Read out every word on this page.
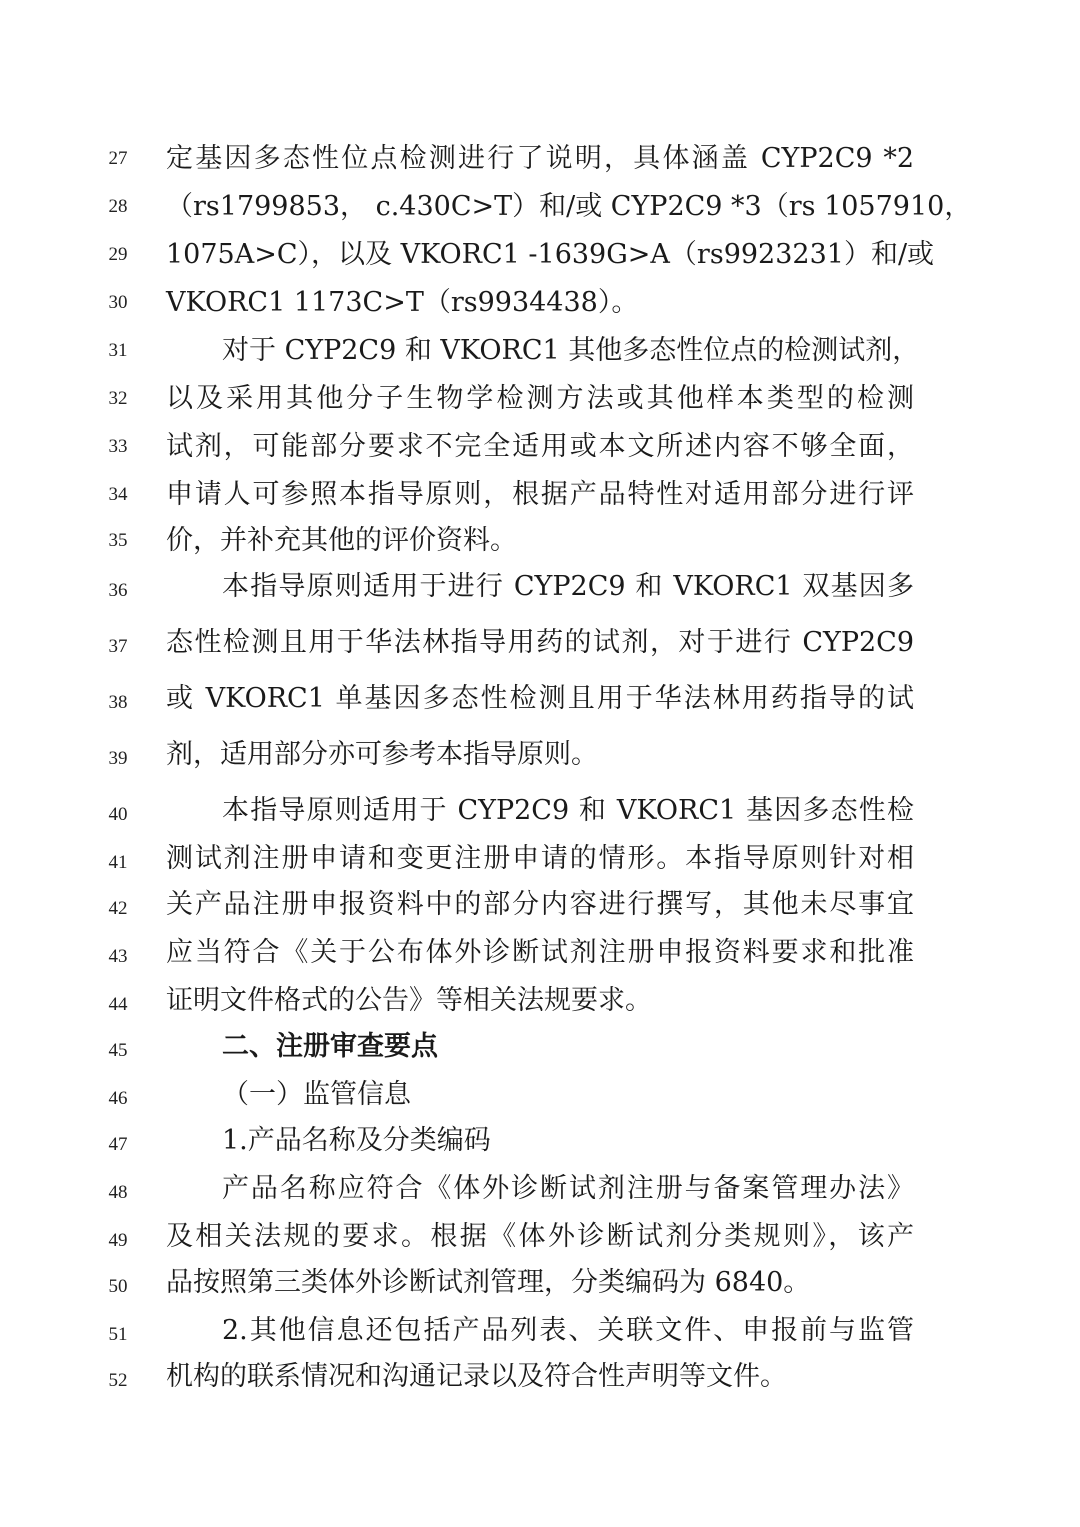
27	定基因多态性位点检测进行了说明，具体涵盖 CYP2C9 *2
28	（rs1799853， c.430C>T）和/或 CYP2C9 *3（rs 1057910，
29	1075A>C），以及 VKORC1 -1639G>A（rs9923231）和/或
30	VKORC1 1173C>T（rs9934438）。
31	对于 CYP2C9 和 VKORC1 其他多态性位点的检测试剂，
32	以及采用其他分子生物学检测方法或其他样本类型的检测
33	试剂，可能部分要求不完全适用或本文所述内容不够全面，
34	申请人可参照本指导原则，根据产品特性对适用部分进行评
35	价，并补充其他的评价资料。
36	本指导原则适用于进行 CYP2C9 和 VKORC1 双基因多
37	态性检测且用于华法林指导用药的试剂，对于进行 CYP2C9
38	或 VKORC1 单基因多态性检测且用于华法林用药指导的试
39	剂，适用部分亦可参考本指导原则。
40	本指导原则适用于 CYP2C9 和 VKORC1 基因多态性检
41	测试剂注册申请和变更注册申请的情形。本指导原则针对相
42	关产品注册申报资料中的部分内容进行撰写，其他未尽事宜
43	应当符合《关于公布体外诊断试剂注册申报资料要求和批准
44	证明文件格式的公告》等相关法规要求。
45	二、注册审查要点
46	（一）监管信息
47	1.产品名称及分类编码
48	产品名称应符合《体外诊断试剂注册与备案管理办法》
49	及相关法规的要求。根据《体外诊断试剂分类规则》，该产
50	品按照第三类体外诊断试剂管理，分类编码为 6840。
51	2.其他信息还包括产品列表、关联文件、申报前与监管
52	机构的联系情况和沟通记录以及符合性声明等文件。
